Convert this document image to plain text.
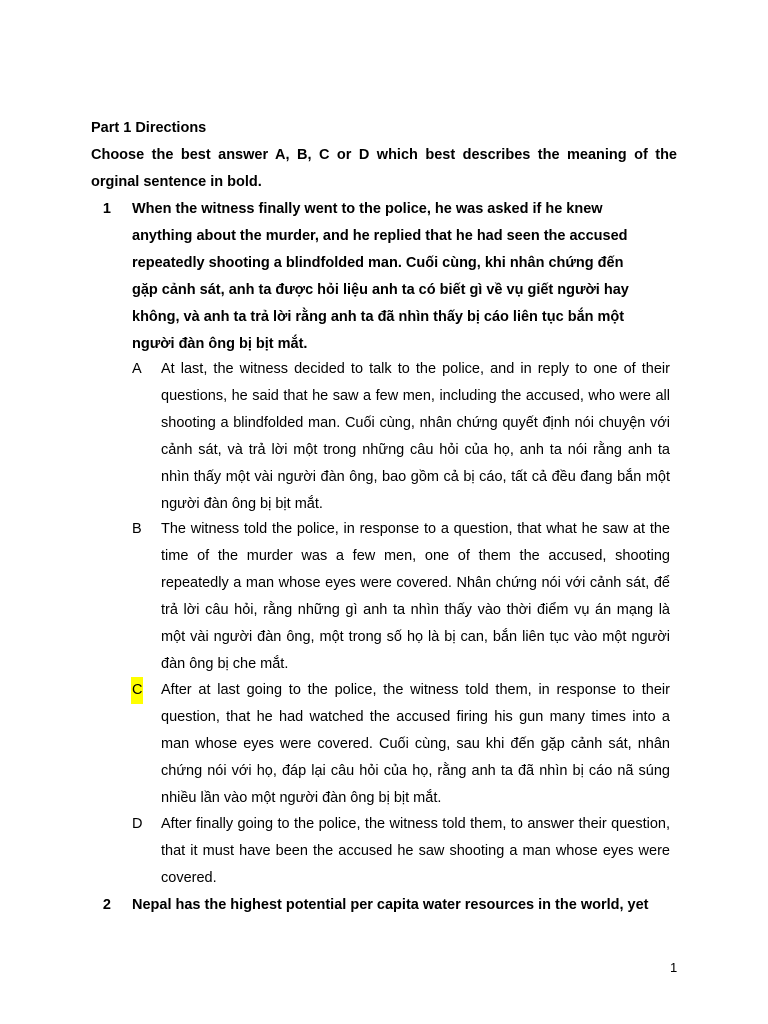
Part 1 Directions
Choose the best answer A, B, C or D which best describes the meaning of the orginal sentence in bold.
1 When the witness finally went to the police, he was asked if he knew anything about the murder, and he replied that he had seen the accused repeatedly shooting a blindfolded man. Cuối cùng, khi nhân chứng đến gặp cảnh sát, anh ta được hỏi liệu anh ta có biết gì về vụ giết người hay không, và anh ta trả lời rằng anh ta đã nhìn thấy bị cáo liên tục bắn một người đàn ông bị bịt mắt.
A At last, the witness decided to talk to the police, and in reply to one of their questions, he said that he saw a few men, including the accused, who were all shooting a blindfolded man. Cuối cùng, nhân chứng quyết định nói chuyện với cảnh sát, và trả lời một trong những câu hỏi của họ, anh ta nói rằng anh ta nhìn thấy một vài người đàn ông, bao gồm cả bị cáo, tất cả đều đang bắn một người đàn ông bị bịt mắt.
B The witness told the police, in response to a question, that what he saw at the time of the murder was a few men, one of them the accused, shooting repeatedly a man whose eyes were covered. Nhân chứng nói với cảnh sát, để trả lời câu hỏi, rằng những gì anh ta nhìn thấy vào thời điểm vụ án mạng là một vài người đàn ông, một trong số họ là bị can, bắn liên tục vào một người đàn ông bị che mắt.
C After at last going to the police, the witness told them, in response to their question, that he had watched the accused firing his gun many times into a man whose eyes were covered. Cuối cùng, sau khi đến gặp cảnh sát, nhân chứng nói với họ, đáp lại câu hỏi của họ, rằng anh ta đã nhìn bị cáo nã súng nhiều lần vào một người đàn ông bị bịt mắt.
D After finally going to the police, the witness told them, to answer their question, that it must have been the accused he saw shooting a man whose eyes were covered.
2 Nepal has the highest potential per capita water resources in the world, yet
1
